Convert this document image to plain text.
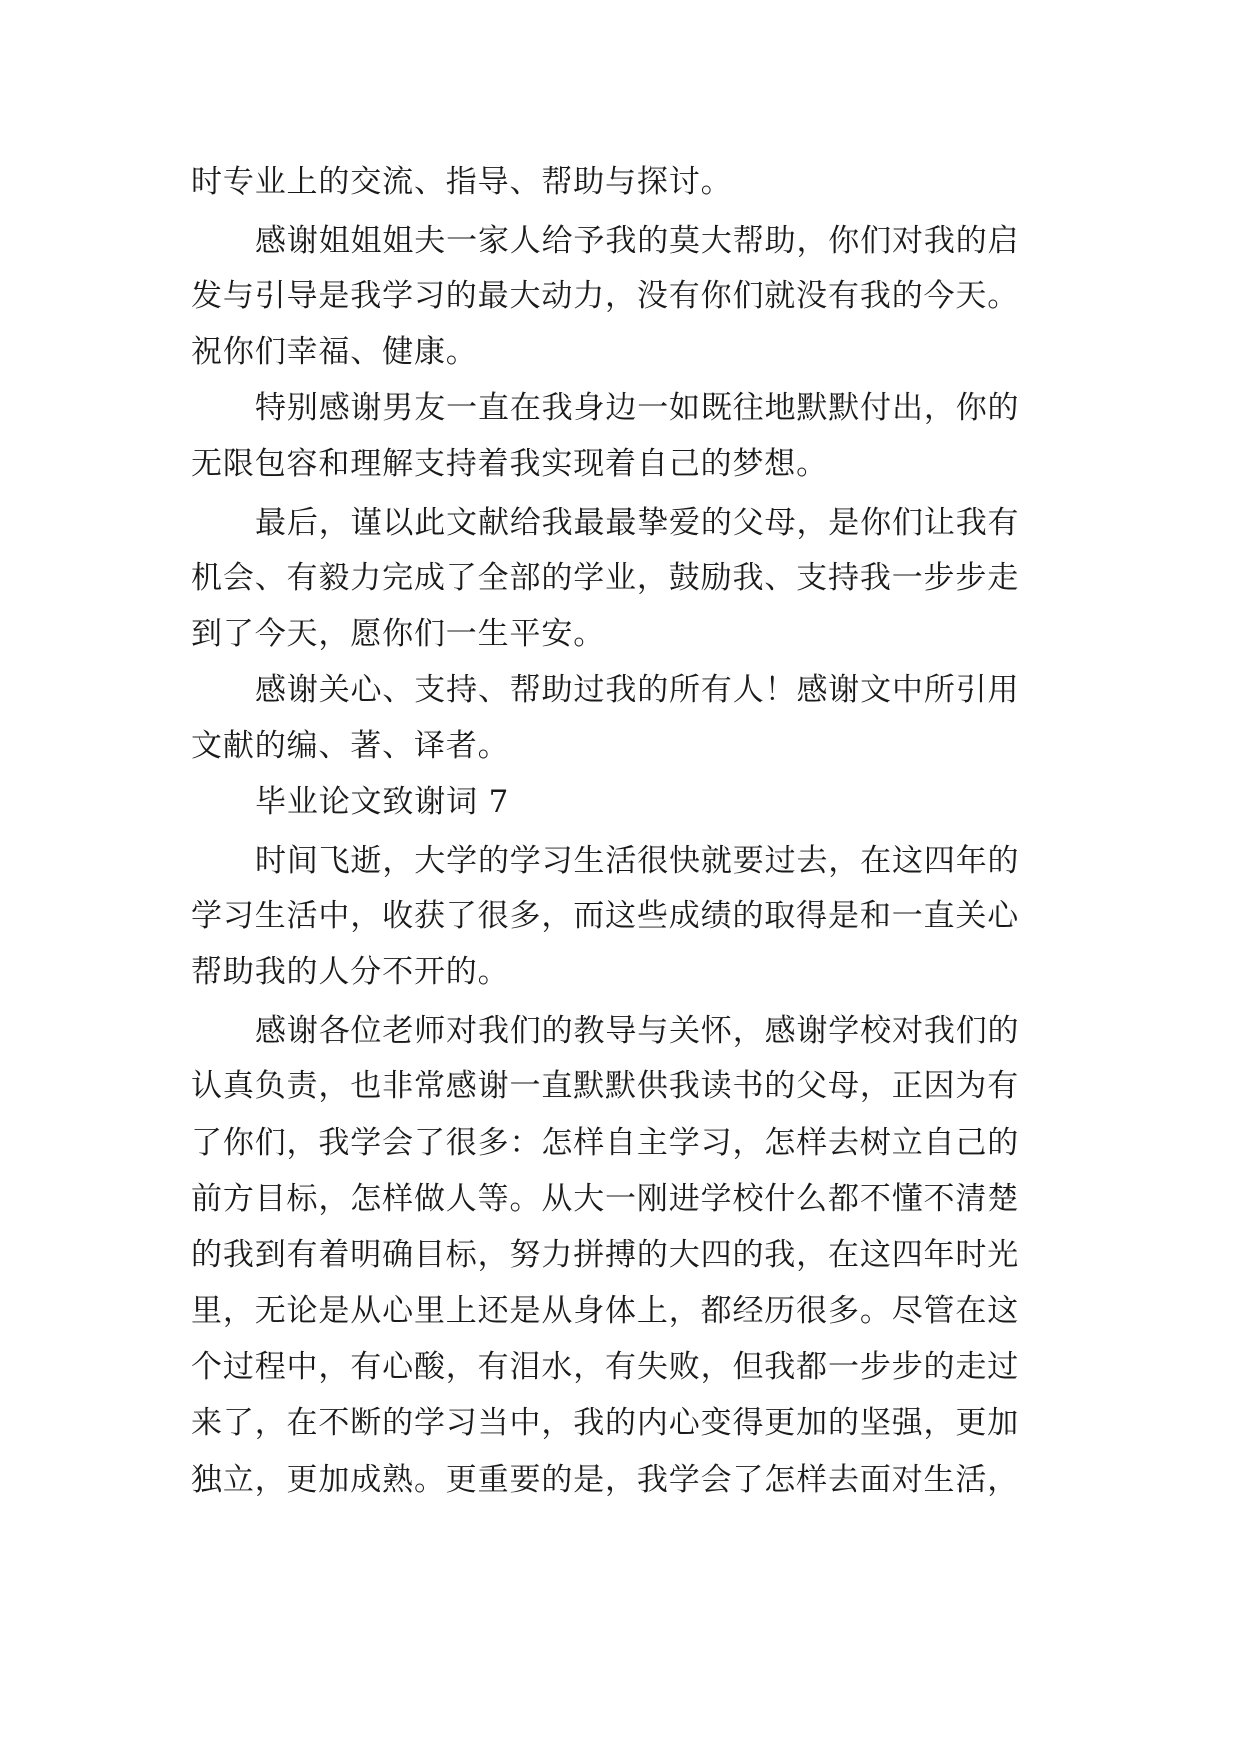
时专业上的交流、指导、帮助与探讨。
感谢姐姐姐夫一家人给予我的莫大帮助，你们对我的启
发与引导是我学习的最大动力，没有你们就没有我的今天。
祝你们幸福、健康。
特别感谢男友一直在我身边一如既往地默默付出，你的
无限包容和理解支持着我实现着自己的梦想。
最后，谨以此文献给我最最挚爱的父母，是你们让我有
机会、有毅力完成了全部的学业，鼓励我、支持我一步步走
到了今天，愿你们一生平安。
感谢关心、支持、帮助过我的所有人！感谢文中所引用
文献的编、著、译者。
毕业论文致谢词 7
时间飞逝，大学的学习生活很快就要过去，在这四年的
学习生活中，收获了很多，而这些成绩的取得是和一直关心
帮助我的人分不开的。
感谢各位老师对我们的教导与关怀，感谢学校对我们的
认真负责，也非常感谢一直默默供我读书的父母，正因为有
了你们，我学会了很多：怎样自主学习，怎样去树立自己的
前方目标，怎样做人等。从大一刚进学校什么都不懂不清楚
的我到有着明确目标，努力拼搏的大四的我，在这四年时光
里，无论是从心里上还是从身体上，都经历很多。尽管在这
个过程中，有心酸，有泪水，有失败，但我都一步步的走过
来了，在不断的学习当中，我的内心变得更加的坚强，更加
独立，更加成熟。更重要的是，我学会了怎样去面对生活，
